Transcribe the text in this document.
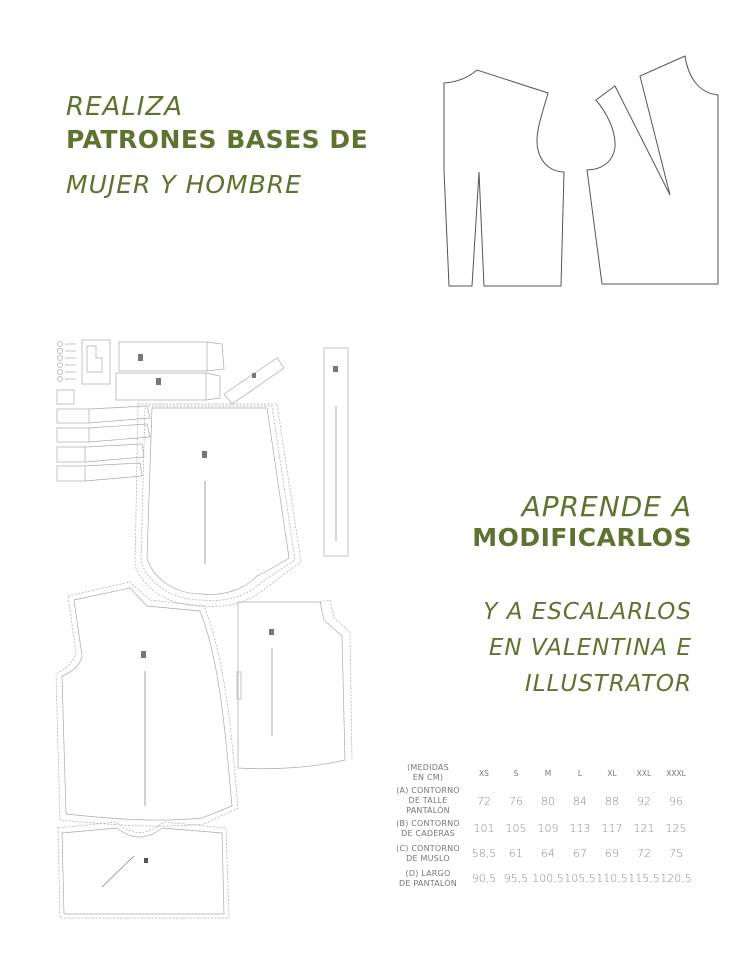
REALIZA
PATRONES BASES DE
MUJER Y HOMBRE
APRENDE A
MODIFICARLOS
Y A ESCALARLOS
EN VALENTINA E
ILLUSTRATOR
(MEDIDAS
EN CM)	XS	S	M	L	XL	XXL	XXXL

(A) CONTORNO
DE TALLE PANTALÓN	72	76	80	84	88	92	96

(B) CONTORNO
DE CADERAS	101	105	109	113	117	121	125

(C) CONTORNO
DE MUSLO	58,5	61	64	67	69	72	75

(D) LARGO
DE PANTALÓN	90,5	95,5	100,5	105,5	110,5	115,5	120,5
